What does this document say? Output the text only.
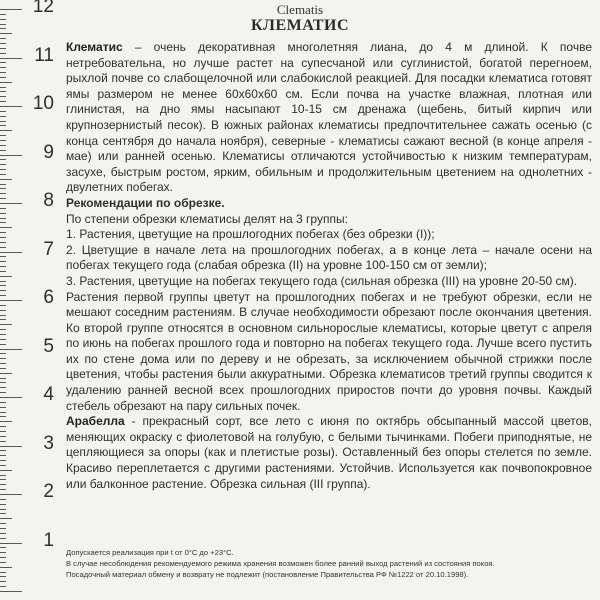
12
11
10
9
8
7
6
5
4
3
2
1
Clematis
КЛЕМАТИС

Клематис – очень декоративная многолетняя лиана, до 4 м длиной. К почве нетребовательна, но лучше растет на супесчаной или суглинистой, богатой перегноем, рыхлой почве со слабощелочной или слабокислой реакцией. Для посадки клематиса готовят ямы размером не менее 60х60х60 см. Если почва на участке влажная, плотная или глинистая, на дно ямы насыпают 10-15 см дренажа (щебень, битый кирпич или крупнозернистый песок). В южных районах клематисы предпочтительнее сажать осенью (с конца сентября до начала ноября), северные - клематисы сажают весной (в конце апреля - мае) или ранней осенью. Клематисы отличаются устойчивостью к низким температурам, засухе, быстрым ростом, ярким, обильным и продолжительным цветением на однолетних - двулетних побегах.

Рекомендации по обрезке.

По степени обрезки клематисы делят на 3 группы:

1. Растения, цветущие на прошлогодних побегах (без обрезки (I));

2. Цветущие в начале лета на прошлогодних побегах, а в конце лета – начале осени на побегах текущего года (слабая обрезка (II) на уровне 100-150 см от земли);

3. Растения, цветущие на побегах текущего года (сильная обрезка (III) на уровне 20-50 см).

Растения первой группы цветут на прошлогодних побегах и не требуют обрезки, если не мешают соседним растениям. В случае необходимости обрезают после окончания цветения. Ко второй группе относятся в основном сильнорослые клематисы, которые цветут с апреля по июнь на побегах прошлого года и повторно на побегах текущего года. Лучше всего пустить их по стене дома или по дереву и не обрезать, за исключением обычной стрижки после цветения, чтобы растения были аккуратными. Обрезка клематисов третий группы сводится к удалению ранней весной всех прошлогодних приростов почти до уровня почвы. Каждый стебель обрезают на пару сильных почек.

Арабелла - прекрасный сорт, все лето с июня по октябрь обсыпанный массой цветов, меняющих окраску с фиолетовой на голубую, с белыми тычинками. Побеги приподнятые, не цепляющиеся за опоры (как и плетистые розы). Оставленный без опоры стелется по земле. Красиво переплетается с другими растениями. Устойчив. Используется как почвопокровное или балконное растение. Обрезка сильная (III группа).

Допускается реализация при t от 0°С до +23°С.
В случае несоблюдения рекомендуемого режима хранения возможен более ранний выход растений из состояния покоя.
Посадочный материал обмену и возврату не подлежит (постановление Правительства РФ №1222 от 20.10.1998).
